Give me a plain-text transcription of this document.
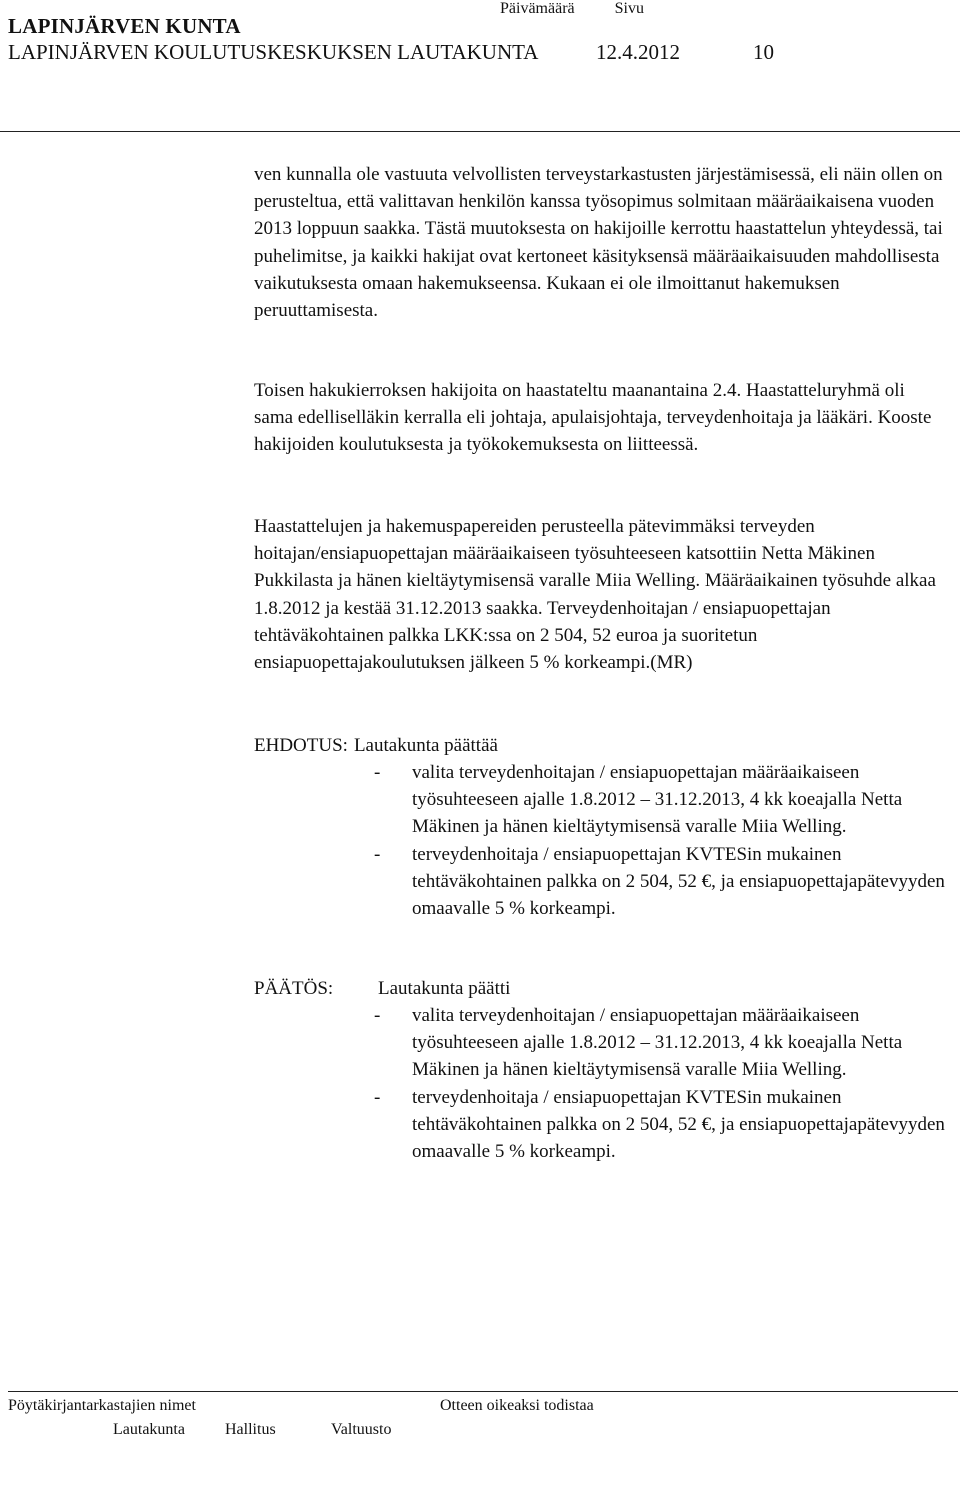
Päivämäärä	Sivu
LAPINJÄRVEN KUNTA
LAPINJÄRVEN KOULUTUSKESKUKSEN LAUTAKUNTA	12.4.2012	10

ven kunnalla ole vastuuta velvollisten terveystarkastusten järjestämisessä, eli näin ollen on perusteltua, että valittavan henkilön kanssa työsopimus solmitaan määräaikaisena vuoden 2013 loppuun saakka. Tästä muutoksesta on hakijoille kerrottu haastattelun yhteydessä, tai puhelimitse, ja kaikki hakijat ovat kertoneet käsityksensä määräaikaisuuden mahdollisesta vaikutuksesta omaan hakemukseensa. Kukaan ei ole ilmoittanut hakemuksen peruuttamisesta.

Toisen hakukierroksen hakijoita on haastateltu maanantaina 2.4. Haastatteluryhmä oli sama edelliselläkin kerralla eli johtaja, apulaisjohtaja, terveydenhoitaja ja lääkäri. Kooste hakijoiden koulutuksesta ja työkokemuksesta on liitteessä.

Haastattelujen ja hakemuspapereiden perusteella pätevimmäksi terveyden hoitajan/ensiapuopettajan määräaikaiseen työsuhteeseen katsottiin Netta Mäkinen Pukkilasta ja hänen kieltäytymisensä varalle Miia Welling. Määräaikainen työsuhde alkaa 1.8.2012 ja kestää 31.12.2013 saakka. Terveydenhoitajan / ensiapuopettajan tehtäväkohtainen palkka LKK:ssa on 2 504, 52 euroa ja suoritetun ensiapuopettajakoulutuksen jälkeen 5 % korkeampi.(MR)

EHDOTUS: Lautakunta päättää
-	valita terveydenhoitajan / ensiapuopettajan määräaikaiseen työsuhteeseen ajalle 1.8.2012 – 31.12.2013, 4 kk koeajalla Netta Mäkinen ja hänen kieltäytymisensä varalle Miia Welling.
-	terveydenhoitaja / ensiapuopettajan KVTESin mukainen tehtäväkohtainen palkka on 2 504, 52 €, ja ensiapuopettajapätevyyden omaavalle 5 % korkeampi.
PÄÄTÖS: Lautakunta päätti
-	valita terveydenhoitajan / ensiapuopettajan määräaikaiseen työsuhteeseen ajalle 1.8.2012 – 31.12.2013, 4 kk koeajalla Netta Mäkinen ja hänen kieltäytymisensä varalle Miia Welling.
-	terveydenhoitaja / ensiapuopettajan KVTESin mukainen tehtäväkohtainen palkka on 2 504, 52 €, ja ensiapuopettajapätevyyden omaavalle 5 % korkeampi.
Pöytäkirjantarkastajien nimet	Otteen oikeaksi todistaa
Lautakunta	Hallitus	Valtuusto
